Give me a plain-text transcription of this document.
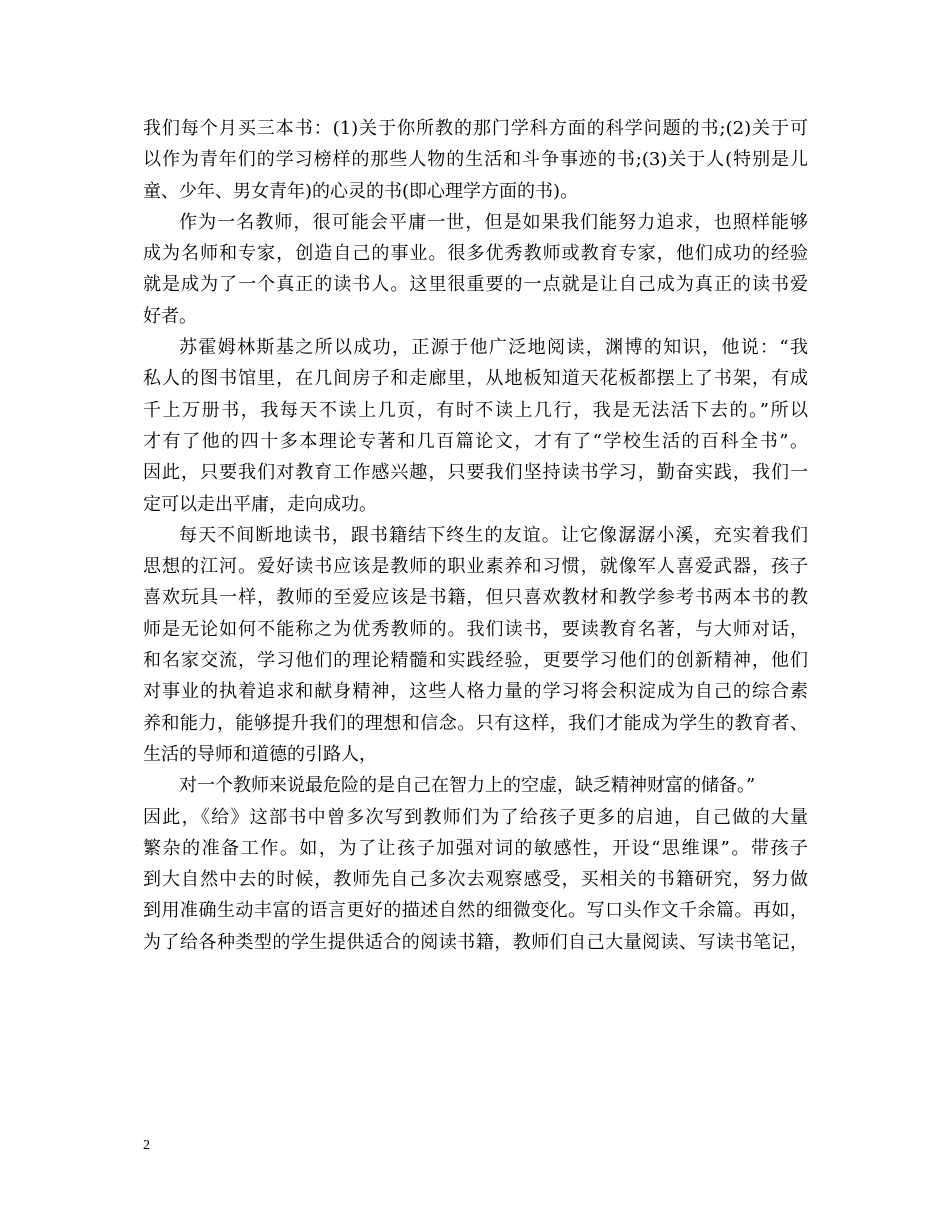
我们每个月买三本书：(1)关于你所教的那门学科方面的科学问题的书;(2)关于可
以作为青年们的学习榜样的那些人物的生活和斗争事迹的书;(3)关于人(特别是儿
童、少年、男女青年)的心灵的书(即心理学方面的书)。
作为一名教师，很可能会平庸一世，但是如果我们能努力追求，也照样能够
成为名师和专家，创造自己的事业。很多优秀教师或教育专家，他们成功的经验
就是成为了一个真正的读书人。这里很重要的一点就是让自己成为真正的读书爱
好者。
苏霍姆林斯基之所以成功，正源于他广泛地阅读，渊博的知识，他说：“我
私人的图书馆里，在几间房子和走廊里，从地板知道天花板都摆上了书架，有成
千上万册书，我每天不读上几页，有时不读上几行，我是无法活下去的。”所以
才有了他的四十多本理论专著和几百篇论文，才有了“学校生活的百科全书”。
因此，只要我们对教育工作感兴趣，只要我们坚持读书学习，勤奋实践，我们一
定可以走出平庸，走向成功。
每天不间断地读书，跟书籍结下终生的友谊。让它像潺潺小溪，充实着我们
思想的江河。爱好读书应该是教师的职业素养和习惯，就像军人喜爱武器，孩子
喜欢玩具一样，教师的至爱应该是书籍，但只喜欢教材和教学参考书两本书的教
师是无论如何不能称之为优秀教师的。我们读书，要读教育名著，与大师对话，
和名家交流，学习他们的理论精髓和实践经验，更要学习他们的创新精神，他们
对事业的执着追求和献身精神，这些人格力量的学习将会积淀成为自己的综合素
养和能力，能够提升我们的理想和信念。只有这样，我们才能成为学生的教育者、
生活的导师和道德的引路人，
对一个教师来说最危险的是自己在智力上的空虚，缺乏精神财富的储备。”
因此，《给》这部书中曾多次写到教师们为了给孩子更多的启迪，自己做的大量
繁杂的准备工作。如，为了让孩子加强对词的敏感性，开设“思维课”。带孩子
到大自然中去的时候，教师先自己多次去观察感受，买相关的书籍研究，努力做
到用准确生动丰富的语言更好的描述自然的细微变化。写口头作文千余篇。再如，
为了给各种类型的学生提供适合的阅读书籍，教师们自己大量阅读、写读书笔记，
2
